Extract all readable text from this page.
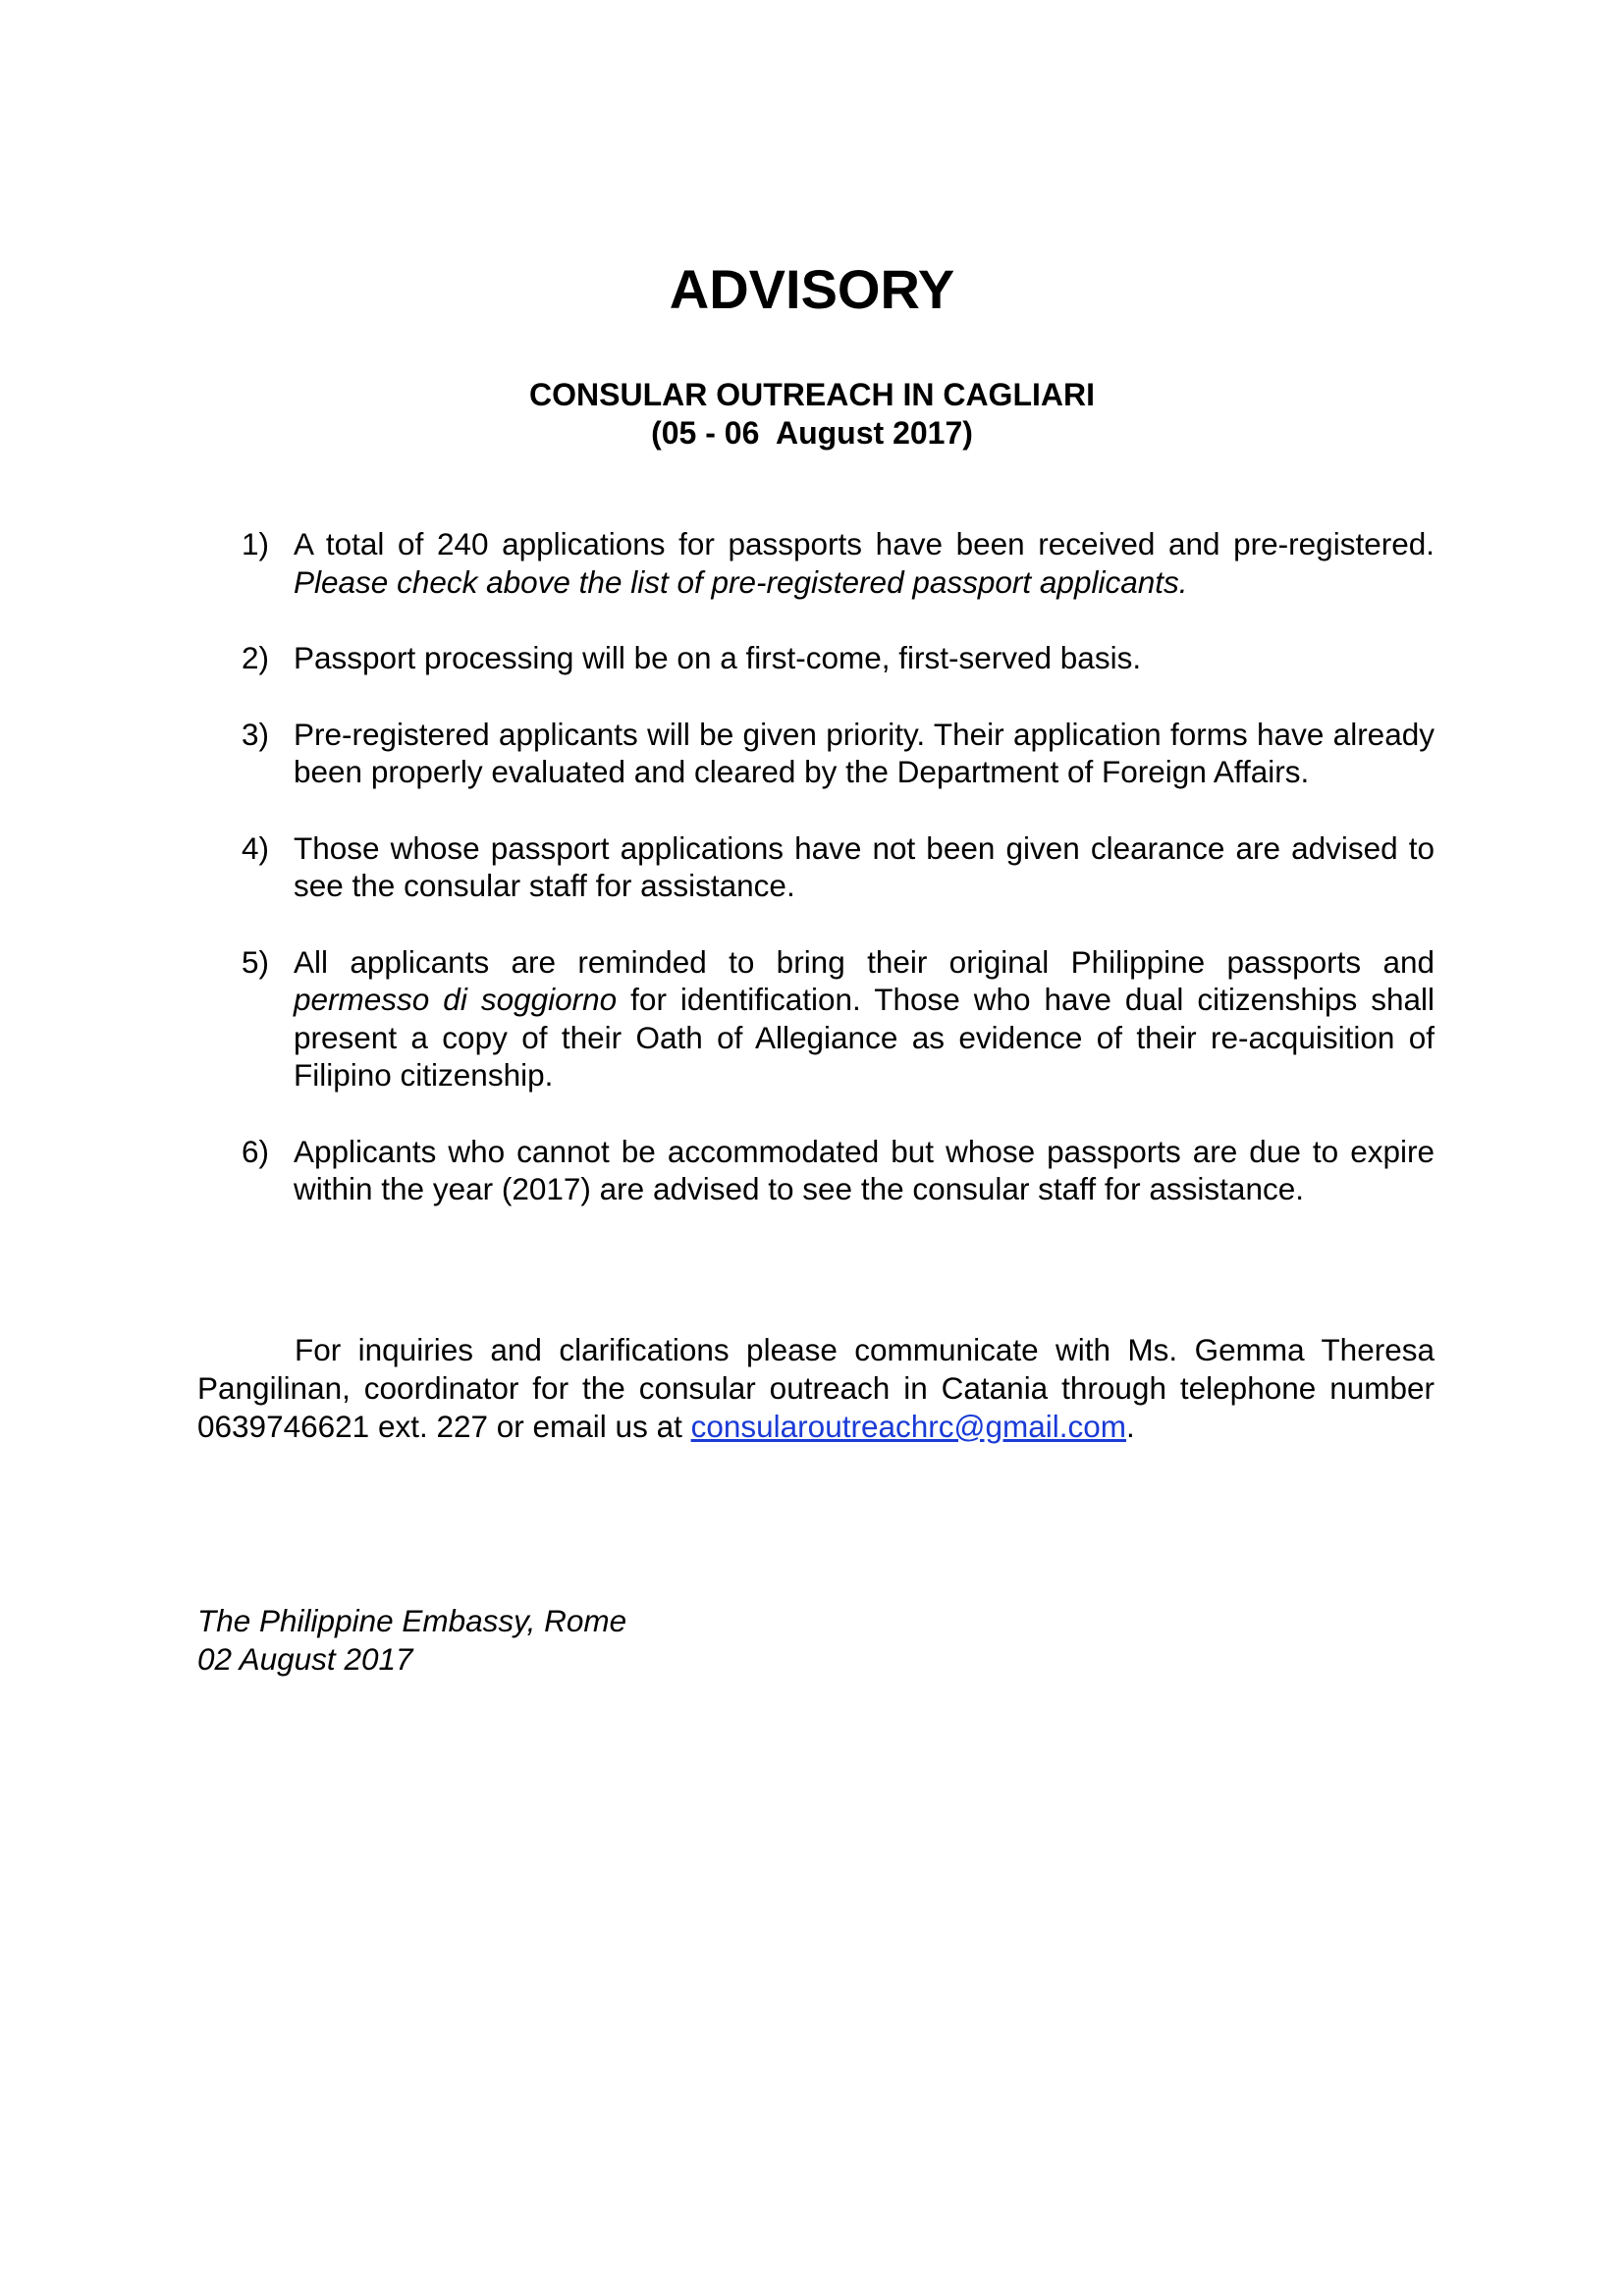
ADVISORY
CONSULAR OUTREACH IN CAGLIARI
(05 - 06  August 2017)
1) A total of 240 applications for passports have been received and pre-registered. Please check above the list of pre-registered passport applicants.
2) Passport processing will be on a first-come, first-served basis.
3) Pre-registered applicants will be given priority. Their application forms have already been properly evaluated and cleared by the Department of Foreign Affairs.
4) Those whose passport applications have not been given clearance are advised to see the consular staff for assistance.
5) All applicants are reminded to bring their original Philippine passports and permesso di soggiorno for identification. Those who have dual citizenships shall present a copy of their Oath of Allegiance as evidence of their re-acquisition of Filipino citizenship.
6) Applicants who cannot be accommodated but whose passports are due to expire within the year (2017) are advised to see the consular staff for assistance.

For inquiries and clarifications please communicate with Ms. Gemma Theresa Pangilinan, coordinator for the consular outreach in Catania through telephone number 0639746621 ext. 227 or email us at consularoutreachrc@gmail.com.

The Philippine Embassy, Rome
02 August 2017
